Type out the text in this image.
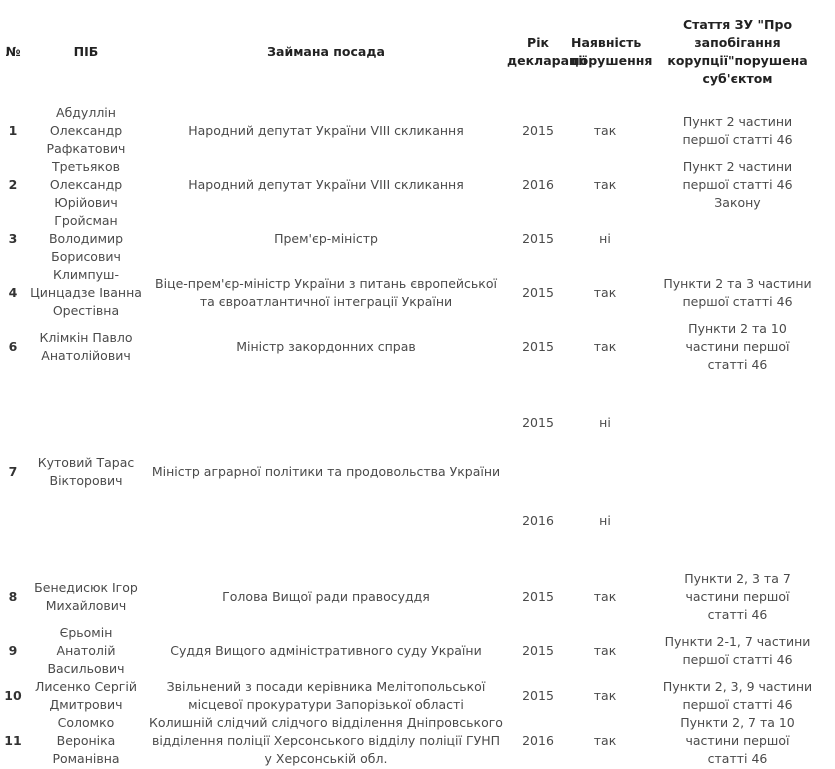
№	ПІБ	Займана посада	Рік декларації	Наявність порушення	Стаття ЗУ "Про запобігання корупції"порушена суб'єктом
1	Абдуллін Олександр Рафкатович	Народний депутат України VIII скликання	2015	так	Пункт 2 частини першої статті 46
2	Третьяков Олександр Юрійович	Народний депутат України VIII скликання	2016	так	Пункт 2 частини першої статті 46 Закону
3	Гройсман Володимир Борисович	Прем'єр-міністр	2015	ні	
4	Климпуш-Цинцадзе Іванна Орестівна	Віце-прем'єр-міністр України з питань європейської та євроатлантичної інтеграції України	2015	так	Пункти 2 та 3 частини першої статті 46
6	Клімкін Павло Анатолійович	Міністр закордонних справ	2015	так	Пункти 2 та 10 частини першої статті 46
7	Кутовий Тарас Вікторович	Міністр аграрної політики та продовольства України	2015	ні	
			2016	ні	
8	Бенедисюк Ігор Михайлович	Голова Вищої ради правосуддя	2015	так	Пункти 2, 3 та 7 частини першої статті 46
9	Єрьомін Анатолій Васильович	Суддя Вищого адміністративного суду України	2015	так	Пункти 2-1, 7 частини першої статті 46
10	Лисенко Сергій Дмитрович	Звільнений з посади керівника Мелітопольської місцевої прокуратури Запорізької області	2015	так	Пункти 2, 3, 9 частини першої статті 46
11	Соломко Вероніка Романівна	Колишній слідчий слідчого відділення Дніпровського відділення поліції Херсонського відділу поліції ГУНП у Херсонській обл.	2016	так	Пункти 2, 7 та 10 частини першої статті 46
